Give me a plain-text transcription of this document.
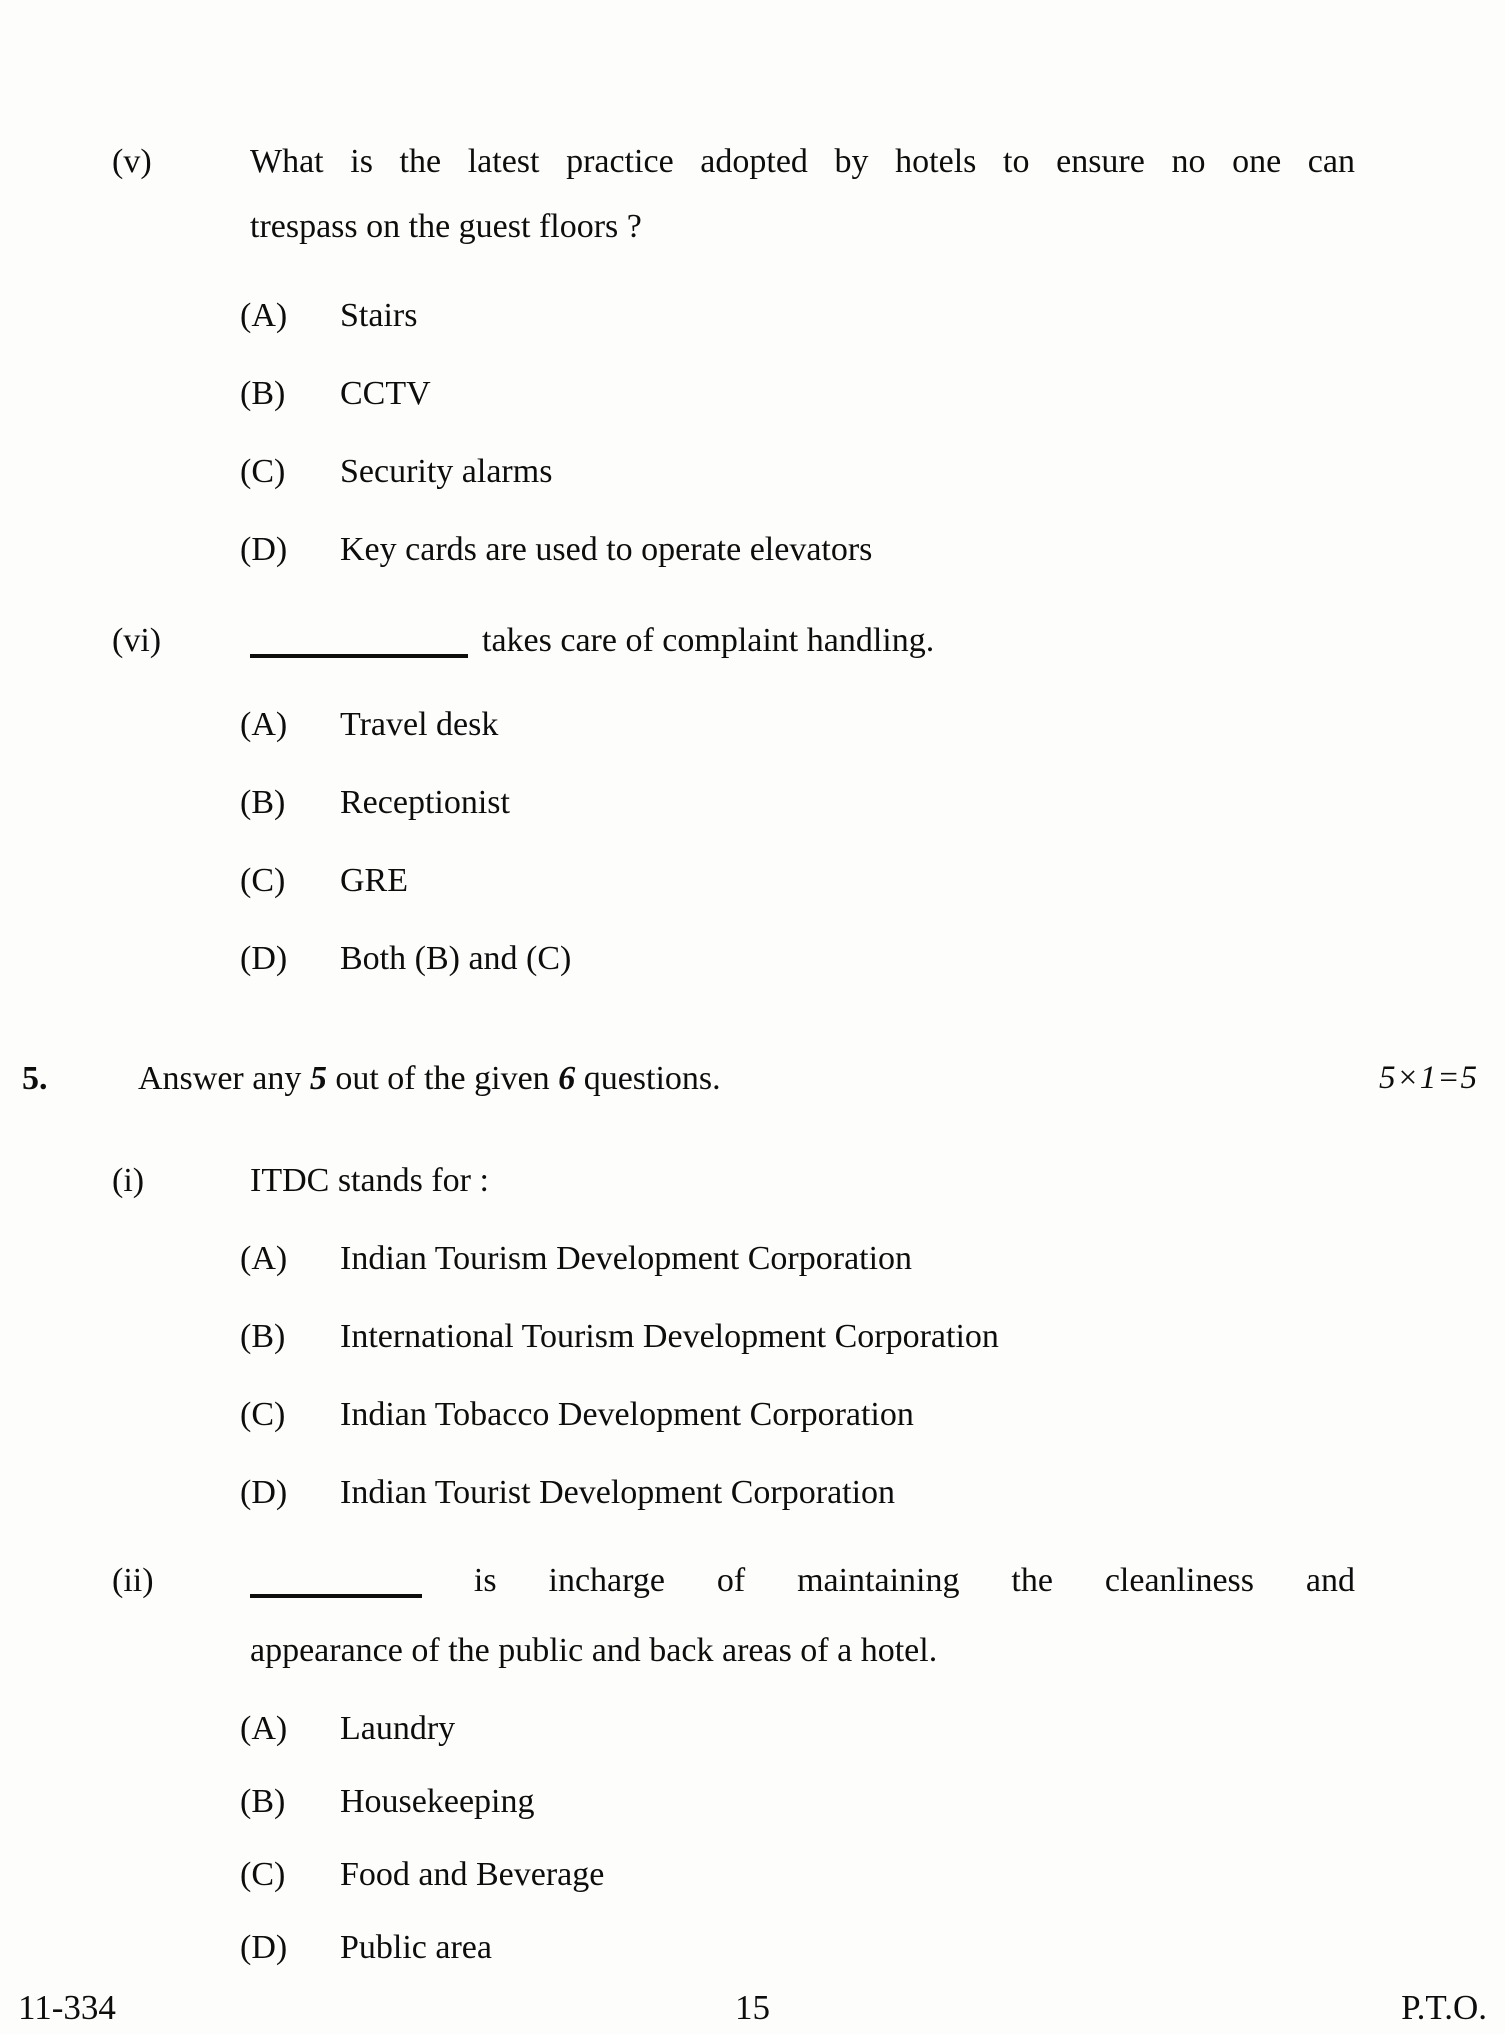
(v)	What is the latest practice adopted by hotels to ensure no one can
trespass on the guest floors ?
(A) Stairs
(B) CCTV
(C) Security alarms
(D) Key cards are used to operate elevators
(vi)	takes care of complaint handling.
(A) Travel desk
(B) Receptionist
(C) GRE
(D) Both (B) and (C)
5.	Answer any 5 out of the given 6 questions.	5×1=5
(i)	ITDC stands for :
(A) Indian Tourism Development Corporation
(B) International Tourism Development Corporation
(C) Indian Tobacco Development Corporation
(D) Indian Tourist Development Corporation
(ii)	is incharge of maintaining the cleanliness and
appearance of the public and back areas of a hotel.
(A) Laundry
(B) Housekeeping
(C) Food and Beverage
(D) Public area
15
11-334	P.T.O.
